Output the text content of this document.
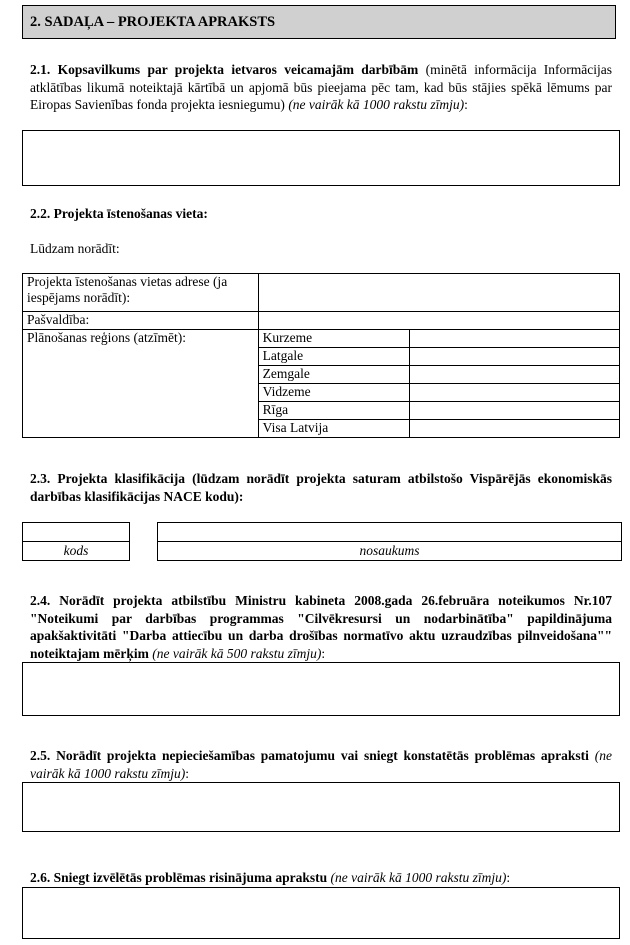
2. SADAĻA – PROJEKTA APRAKSTS

2.1. Kopsavilkums par projekta ietvaros veicamajām darbībām (minētā informācija Informācijas atklātības likumā noteiktajā kārtībā un apjomā būs pieejama pēc tam, kad būs stājies spēkā lēmums par Eiropas Savienības fonda projekta iesniegumu) (ne vairāk kā 1000 rakstu zīmju):

2.2. Projekta īstenošanas vieta:

Lūdzam norādīt:

Projekta īstenošanas vietas adrese (ja iespējams norādīt):		
Pašvaldība:		
Plānošanas reģions (atzīmēt):	Kurzeme	
	Latgale	
	Zemgale	
	Vidzeme	
	Rīga	
	Visa Latvija	

2.3. Projekta klasifikācija (lūdzam norādīt projekta saturam atbilstošo Vispārējās ekonomiskās darbības klasifikācijas NACE kodu):

kods	nosaukums

2.4. Norādīt projekta atbilstību Ministru kabineta 2008.gada 26.februāra noteikumos Nr.107 "Noteikumi par darbības programmas "Cilvēkresursi un nodarbinātība" papildinājuma apakšaktivitāti "Darba attiecību un darba drošības normatīvo aktu uzraudzības pilnveidošana"" noteiktajam mērķim (ne vairāk kā 500 rakstu zīmju):

2.5. Norādīt projekta nepieciešamības pamatojumu vai sniegt konstatētās problēmas apraksti (ne vairāk kā 1000 rakstu zīmju):

2.6. Sniegt izvēlētās problēmas risinājuma aprakstu (ne vairāk kā 1000 rakstu zīmju):
